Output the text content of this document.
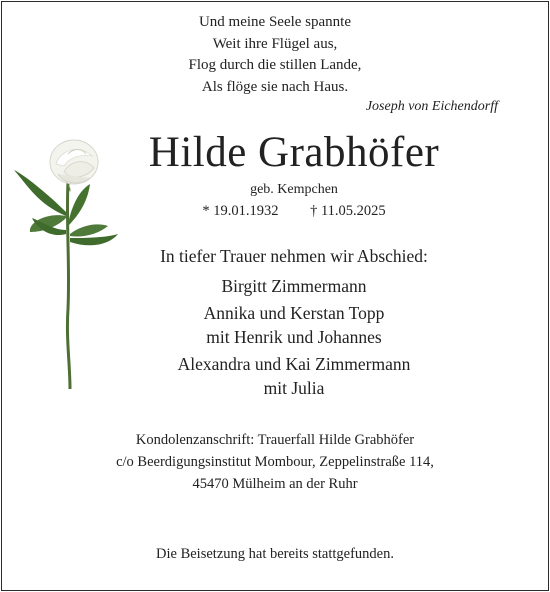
Und meine Seele spannte
Weit ihre Flügel aus,
Flog durch die stillen Lande,
Als flöge sie nach Haus.
Joseph von Eichendorff
Hilde Grabhöfer
geb. Kempchen
* 19.01.1932 † 11.05.2025
In tiefer Trauer nehmen wir Abschied:
Birgitt Zimmermann
Annika und Kerstan Topp
mit Henrik und Johannes
Alexandra und Kai Zimmermann
mit Julia
Kondolenzanschrift: Trauerfall Hilde Grabhöfer
c/o Beerdigungsinstitut Mombour, Zeppelinstraße 114,
45470 Mülheim an der Ruhr
Die Beisetzung hat bereits stattgefunden.
